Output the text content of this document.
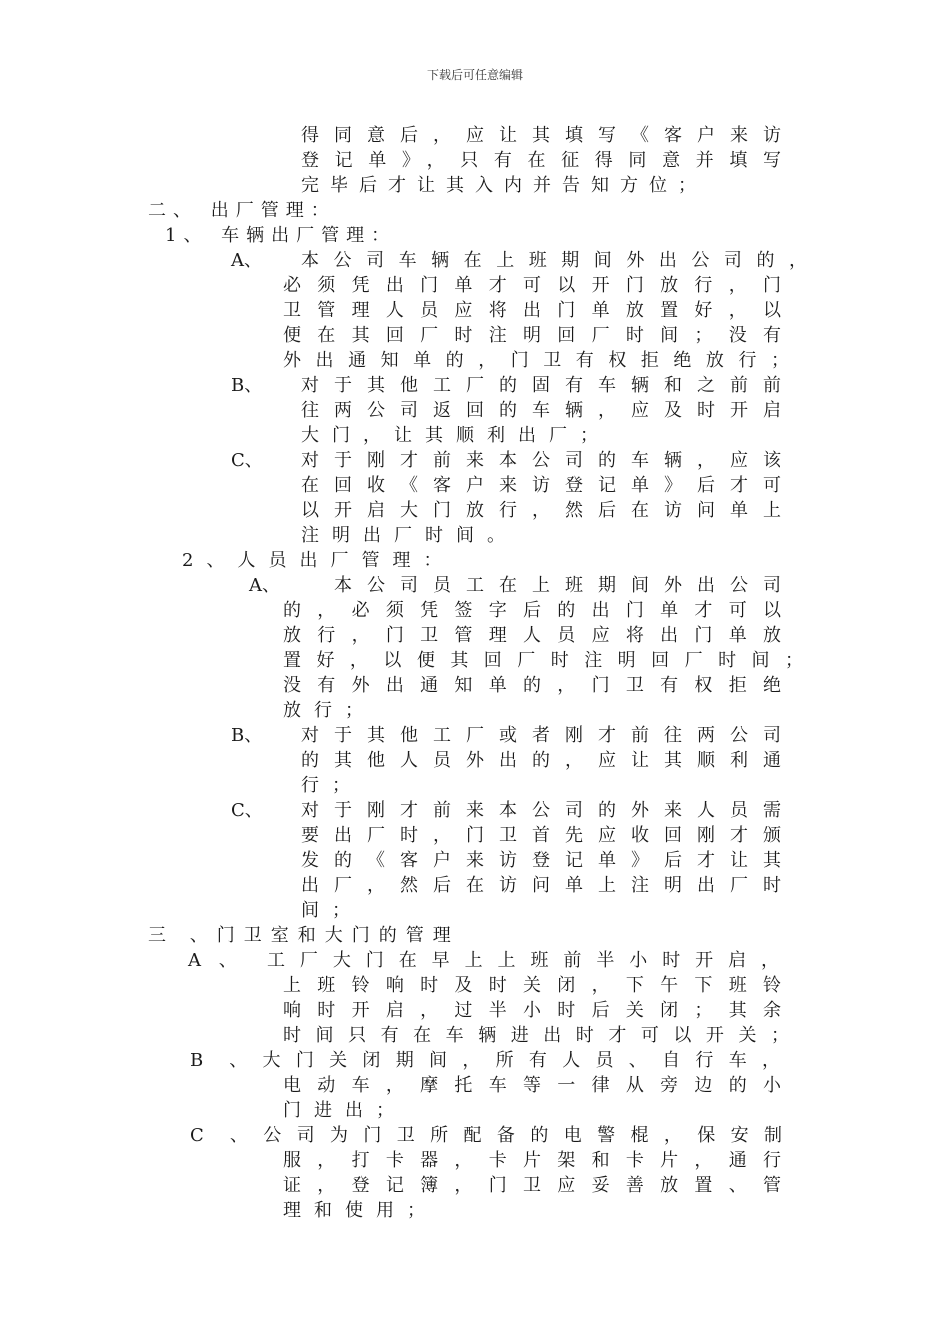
下载后可任意编辑
得同意后，应让其填写《客户来访
登记单》，只有在征得同意并填写
完毕后才让其入内并告知方位；
二、 出厂管理：
1、 车辆出厂管理：
A、 本公司车辆在上班期间外出公司的，
必须凭出门单才可以开门放行，门
卫管理人员应将出门单放置好，以
便在其回厂时注明回厂时间；没有
外出通知单的，门卫有权拒绝放行；
B、 对于其他工厂的固有车辆和之前前
往两公司返回的车辆，应及时开启
大门，让其顺利出厂；
C、 对于刚才前来本公司的车辆，应该
在回收《客户来访登记单》后才可
以开启大门放行，然后在访问单上
注明出厂时间。
2、人员出厂管理：
A、	本公司员工在上班期间外出公司
的，必须凭签字后的出门单才可以
放行，门卫管理人员应将出门单放
置好，以便其回厂时注明回厂时间；
没有外出通知单的，门卫有权拒绝
放行；
B、 对于其他工厂或者刚才前往两公司
的其他人员外出的，应让其顺利通
行；
C、 对于刚才前来本公司的外来人员需
要出厂时，门卫首先应收回刚才颁
发的《客户来访登记单》后才让其
出厂，然后在访问单上注明出厂时
间；
三 、门卫室和大门的管理
A 、 工厂大门在早上上班前半小时开启，
上班铃响时及时关闭，下午下班铃
响时开启，过半小时后关闭；其余
时间只有在车辆进出时才可以开关；
B 、大门关闭期间，所有人员、自行车，
电动车，摩托车等一律从旁边的小
门进出；
C 、公司为门卫所配备的电警棍，保安制
服，打卡器，卡片架和卡片，通行
证，登记簿，门卫应妥善放置、管
理和使用；
